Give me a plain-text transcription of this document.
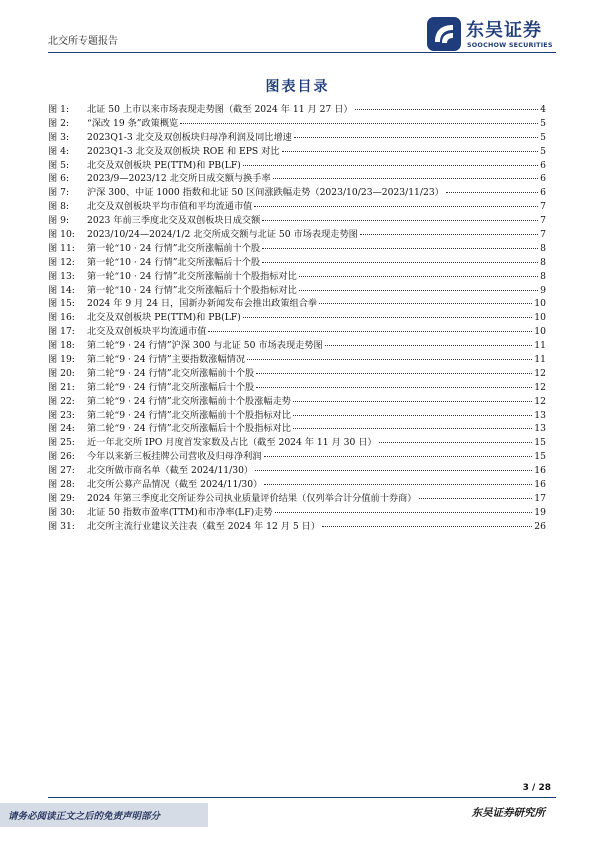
北交所专题报告
东吴证券
SOOCHOW SECURITIES
图表目录
图 1:	北证 50 上市以来市场表现走势图（截至 2024 年 11 月 27 日）	4
图 2:	“深改 19 条”政策概览	5
图 3:	2023Q1-3 北交及双创板块归母净利润及同比增速	5
图 4:	2023Q1-3 北交及双创板块 ROE 和 EPS 对比	5
图 5:	北交及双创板块 PE(TTM)和 PB(LF)	6
图 6:	2023/9—2023/12 北交所日成交额与换手率	6
图 7:	沪深 300、中证 1000 指数和北证 50 区间涨跌幅走势（2023/10/23—2023/11/23）	6
图 8:	北交及双创板块平均市值和平均流通市值	7
图 9:	2023 年前三季度北交及双创板块日成交额	7
图 10:	2023/10/24—2024/1/2 北交所成交额与北证 50 市场表现走势图	7
图 11:	第一轮“10 · 24 行情”北交所涨幅前十个股	8
图 12:	第一轮“10 · 24 行情”北交所涨幅后十个股	8
图 13:	第一轮“10 · 24 行情”北交所涨幅前十个股指标对比	8
图 14:	第一轮“10 · 24 行情”北交所涨幅后十个股指标对比	9
图 15:	2024 年 9 月 24 日，国新办新闻发布会推出政策组合拳	10
图 16:	北交及双创板块 PE(TTM)和 PB(LF)	10
图 17:	北交及双创板块平均流通市值	10
图 18:	第二轮“9 · 24 行情”沪深 300 与北证 50 市场表现走势图	11
图 19:	第二轮“9 · 24 行情”主要指数涨幅情况	11
图 20:	第二轮“9 · 24 行情”北交所涨幅前十个股	12
图 21:	第二轮“9 · 24 行情”北交所涨幅后十个股	12
图 22:	第二轮“9 · 24 行情”北交所涨幅前十个股涨幅走势	12
图 23:	第二轮“9 · 24 行情”北交所涨幅前十个股指标对比	13
图 24:	第二轮“9 · 24 行情”北交所涨幅后十个股指标对比	13
图 25:	近一年北交所 IPO 月度首发家数及占比（截至 2024 年 11 月 30 日）	15
图 26:	今年以来新三板挂牌公司营收及归母净利润	15
图 27:	北交所做市商名单（截至 2024/11/30）	16
图 28:	北交所公募产品情况（截至 2024/11/30）	16
图 29:	2024 年第三季度北交所证券公司执业质量评价结果（仅列举合计分值前十券商）	17
图 30:	北证 50 指数市盈率(TTM)和市净率(LF)走势	19
图 31:	北交所主流行业建议关注表（截至 2024 年 12 月 5 日）	26
3 / 28
请务必阅读正文之后的免责声明部分	东吴证券研究所
